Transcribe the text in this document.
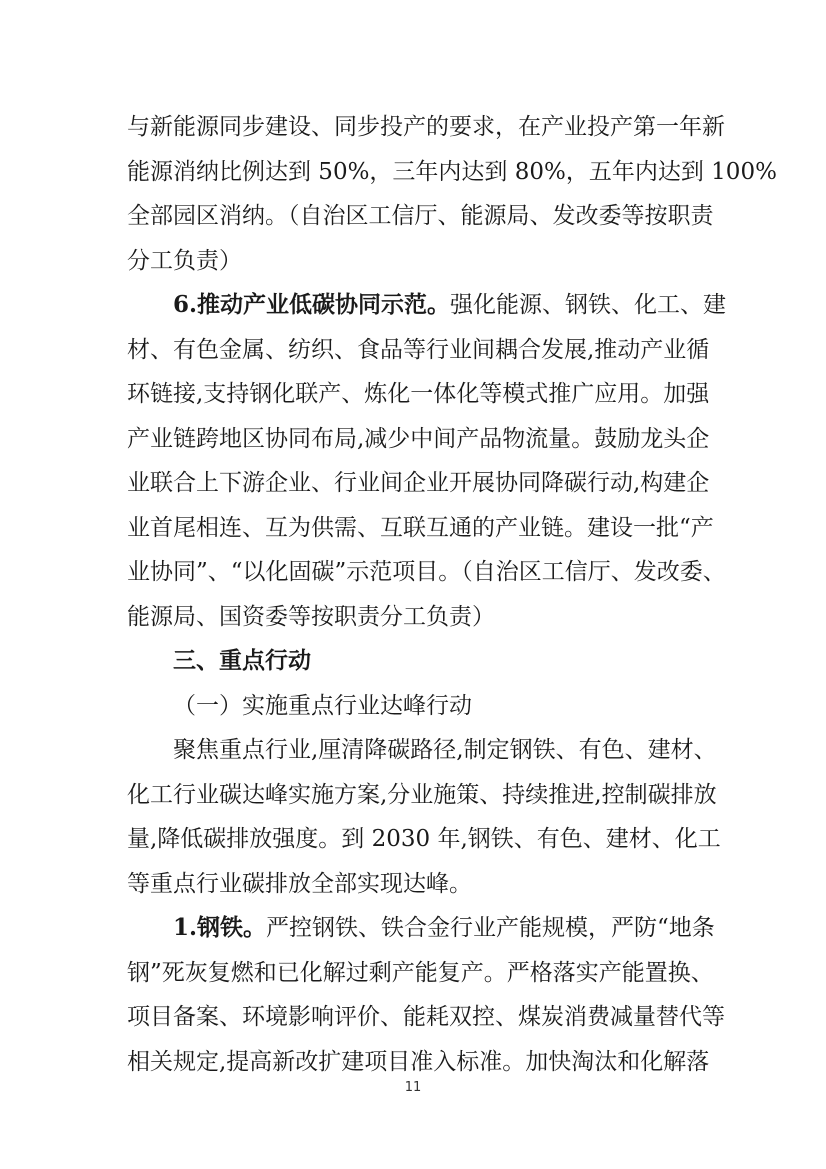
与新能源同步建设、同步投产的要求，在产业投产第一年新
能源消纳比例达到 50%，三年内达到 80%，五年内达到 100%
全部园区消纳。（自治区工信厅、能源局、发改委等按职责
分工负责）
6.推动产业低碳协同示范。强化能源、钢铁、化工、建
材、有色金属、纺织、食品等行业间耦合发展,推动产业循
环链接,支持钢化联产、炼化一体化等模式推广应用。加强
产业链跨地区协同布局,减少中间产品物流量。鼓励龙头企
业联合上下游企业、行业间企业开展协同降碳行动,构建企
业首尾相连、互为供需、互联互通的产业链。建设一批“产
业协同”、“以化固碳”示范项目。（自治区工信厅、发改委、
能源局、国资委等按职责分工负责）
三、重点行动
（一）实施重点行业达峰行动
聚焦重点行业,厘清降碳路径,制定钢铁、有色、建材、
化工行业碳达峰实施方案,分业施策、持续推进,控制碳排放
量,降低碳排放强度。到 2030 年,钢铁、有色、建材、化工
等重点行业碳排放全部实现达峰。
1.钢铁。严控钢铁、铁合金行业产能规模，严防“地条
钢”死灰复燃和已化解过剩产能复产。严格落实产能置换、
项目备案、环境影响评价、能耗双控、煤炭消费减量替代等
相关规定,提高新改扩建项目准入标准。加快淘汰和化解落
11
